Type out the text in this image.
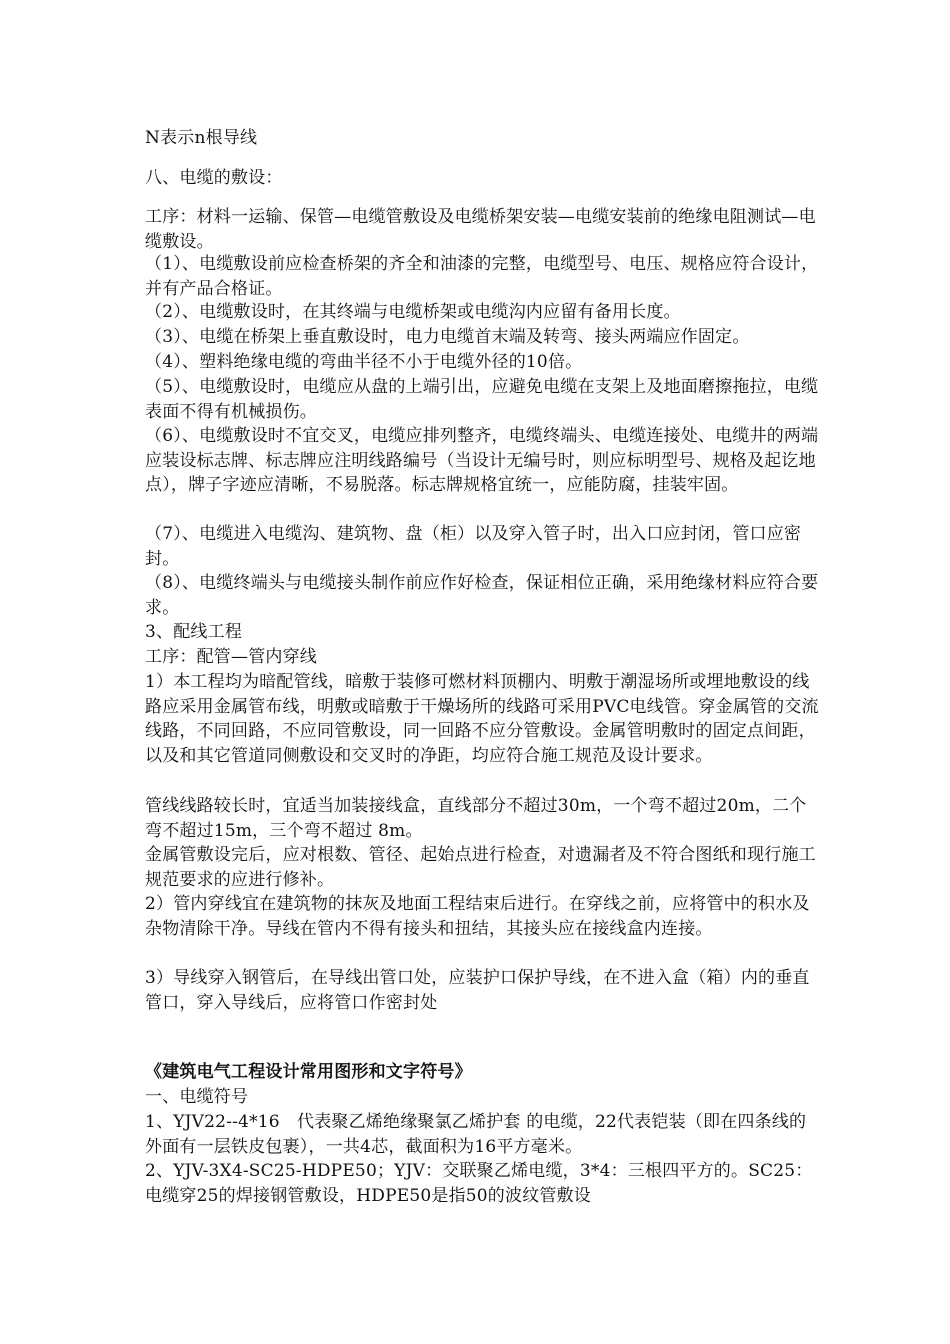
N表示n根导线
八、电缆的敷设：
工序：材料一运输、保管—电缆管敷设及电缆桥架安装—电缆安装前的绝缘电阻测试—电缆敷设。
（1）、电缆敷设前应检查桥架的齐全和油漆的完整，电缆型号、电压、规格应符合设计，并有产品合格证。
（2）、电缆敷设时，在其终端与电缆桥架或电缆沟内应留有备用长度。
（3）、电缆在桥架上垂直敷设时，电力电缆首末端及转弯、接头两端应作固定。
（4）、塑料绝缘电缆的弯曲半径不小于电缆外径的10倍。
（5）、电缆敷设时，电缆应从盘的上端引出，应避免电缆在支架上及地面磨擦拖拉，电缆表面不得有机械损伤。
（6）、电缆敷设时不宜交叉，电缆应排列整齐，电缆终端头、电缆连接处、电缆井的两端应装设标志牌、标志牌应注明线路编号（当设计无编号时，则应标明型号、规格及起讫地点），牌子字迹应清晰，不易脱落。标志牌规格宜统一，应能防腐，挂装牢固。
（7）、电缆进入电缆沟、建筑物、盘（柜）以及穿入管子时，出入口应封闭，管口应密封。
（8）、电缆终端头与电缆接头制作前应作好检查，保证相位正确，采用绝缘材料应符合要求。
3、配线工程
工序：配管—管内穿线
1）本工程均为暗配管线，暗敷于装修可燃材料顶棚内、明敷于潮湿场所或埋地敷设的线路应采用金属管布线，明敷或暗敷于干燥场所的线路可采用PVC电线管。穿金属管的交流线路，不同回路，不应同管敷设，同一回路不应分管敷设。金属管明敷时的固定点间距，以及和其它管道同侧敷设和交叉时的净距，均应符合施工规范及设计要求。
管线线路较长时，宜适当加装接线盒，直线部分不超过30m，一个弯不超过20m，二个弯不超过15m，三个弯不超过 8m。
金属管敷设完后，应对根数、管径、起始点进行检查，对遗漏者及不符合图纸和现行施工规范要求的应进行修补。
2）管内穿线宜在建筑物的抹灰及地面工程结束后进行。在穿线之前，应将管中的积水及杂物清除干净。导线在管内不得有接头和扭结，其接头应在接线盒内连接。
3）导线穿入钢管后，在导线出管口处，应装护口保护导线，在不进入盒（箱）内的垂直管口，穿入导线后，应将管口作密封处
《建筑电气工程设计常用图形和文字符号》
一、电缆符号
1、YJV22--4*16　代表聚乙烯绝缘聚氯乙烯护套 的电缆，22代表铠装（即在四条线的外面有一层铁皮包裹），一共4芯，截面积为16平方毫米。
2、YJV-3X4-SC25-HDPE50；YJV：交联聚乙烯电缆，3*4：三根四平方的。SC25：电缆穿25的焊接钢管敷设，HDPE50是指50的波纹管敷设
